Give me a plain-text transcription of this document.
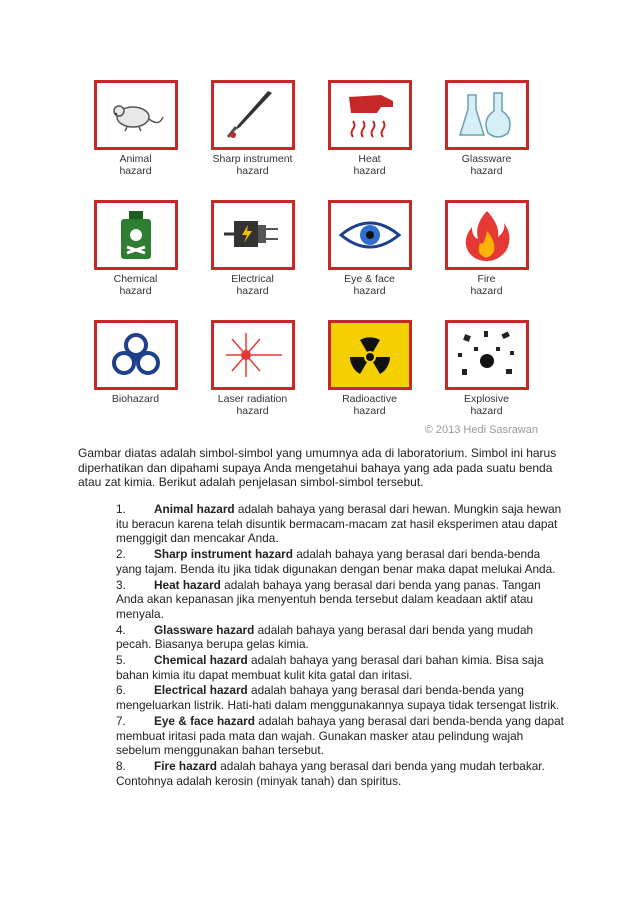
Animal
hazard
Sharp instrument
hazard
Heat
hazard
Glassware
hazard
Chemical
hazard
Electrical
hazard
Eye & face
hazard
Fire
hazard
Biohazard	Laser radiation
hazard
Radioactive
hazard
Explosive
hazard
© 2013 Hedi Sasrawan

Gambar diatas adalah simbol-simbol yang umumnya ada di laboratorium. Simbol ini harus diperhatikan dan dipahami supaya Anda mengetahui bahaya yang ada pada suatu benda atau zat kimia. Berikut adalah penjelasan simbol-simbol tersebut.

1. Animal hazard adalah bahaya yang berasal dari hewan. Mungkin saja hewan itu beracun karena telah disuntik bermacam-macam zat hasil eksperimen atau dapat menggigit dan mencakar Anda.
2. Sharp instrument hazard adalah bahaya yang berasal dari benda-benda yang tajam. Benda itu jika tidak digunakan dengan benar maka dapat melukai Anda.
3. Heat hazard adalah bahaya yang berasal dari benda yang panas. Tangan Anda akan kepanasan jika menyentuh benda tersebut dalam keadaan aktif atau menyala.
4. Glassware hazard adalah bahaya yang berasal dari benda yang mudah pecah. Biasanya berupa gelas kimia.
5. Chemical hazard adalah bahaya yang berasal dari bahan kimia. Bisa saja bahan kimia itu dapat membuat kulit kita gatal dan iritasi.
6. Electrical hazard adalah bahaya yang berasal dari benda-benda yang mengeluarkan listrik. Hati-hati dalam menggunakannya supaya tidak tersengat listrik.
7. Eye & face hazard adalah bahaya yang berasal dari benda-benda yang dapat membuat iritasi pada mata dan wajah. Gunakan masker atau pelindung wajah sebelum menggunakan bahan tersebut.
8. Fire hazard adalah bahaya yang berasal dari benda yang mudah terbakar. Contohnya adalah kerosin (minyak tanah) dan spiritus.
